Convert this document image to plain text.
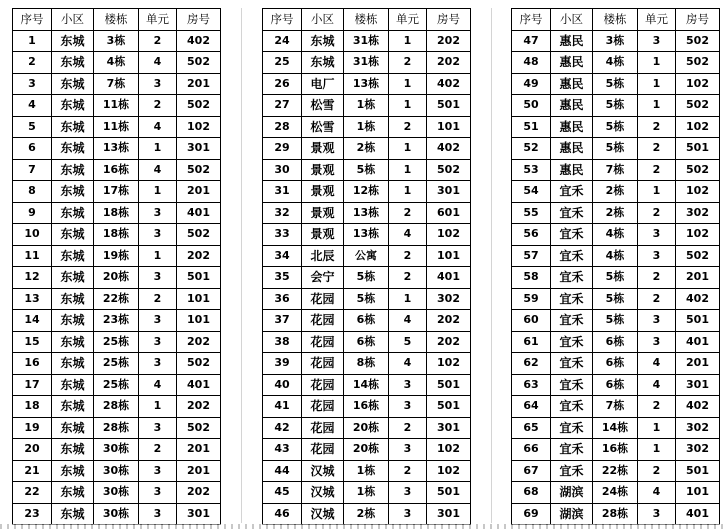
序号	小区	楼栋	单元	房号
1	东城	3栋	2	402
2	东城	4栋	4	502
3	东城	7栋	3	201
4	东城	11栋	2	502
5	东城	11栋	4	102
6	东城	13栋	1	301
7	东城	16栋	4	502
8	东城	17栋	1	201
9	东城	18栋	3	401
10	东城	18栋	3	502
11	东城	19栋	1	202
12	东城	20栋	3	501
13	东城	22栋	2	101
14	东城	23栋	3	101
15	东城	25栋	3	202
16	东城	25栋	3	502
17	东城	25栋	4	401
18	东城	28栋	1	202
19	东城	28栋	3	502
20	东城	30栋	2	201
21	东城	30栋	3	201
22	东城	30栋	3	202
23	东城	30栋	3	301
序号	小区	楼栋	单元	房号
24	东城	31栋	1	202
25	东城	31栋	2	202
26	电厂	13栋	1	402
27	松雪	1栋	1	501
28	松雪	1栋	2	101
29	景观	2栋	1	402
30	景观	5栋	1	502
31	景观	12栋	1	301
32	景观	13栋	2	601
33	景观	13栋	4	102
34	北辰	公寓	2	101
35	会宁	5栋	2	401
36	花园	5栋	1	302
37	花园	6栋	4	202
38	花园	6栋	5	202
39	花园	8栋	4	102
40	花园	14栋	3	501
41	花园	16栋	3	501
42	花园	20栋	2	301
43	花园	20栋	3	102
44	汉城	1栋	2	102
45	汉城	1栋	3	501
46	汉城	2栋	3	301
序号	小区	楼栋	单元	房号
47	惠民	3栋	3	502
48	惠民	4栋	1	502
49	惠民	5栋	1	102
50	惠民	5栋	1	502
51	惠民	5栋	2	102
52	惠民	5栋	2	501
53	惠民	7栋	2	502
54	宜禾	2栋	1	102
55	宜禾	2栋	2	302
56	宜禾	4栋	3	102
57	宜禾	4栋	3	502
58	宜禾	5栋	2	201
59	宜禾	5栋	2	402
60	宜禾	5栋	3	501
61	宜禾	6栋	3	401
62	宜禾	6栋	4	201
63	宜禾	6栋	4	301
64	宜禾	7栋	2	402
65	宜禾	14栋	1	302
66	宜禾	16栋	1	302
67	宜禾	22栋	2	501
68	湖滨	24栋	4	101
69	湖滨	28栋	3	401
